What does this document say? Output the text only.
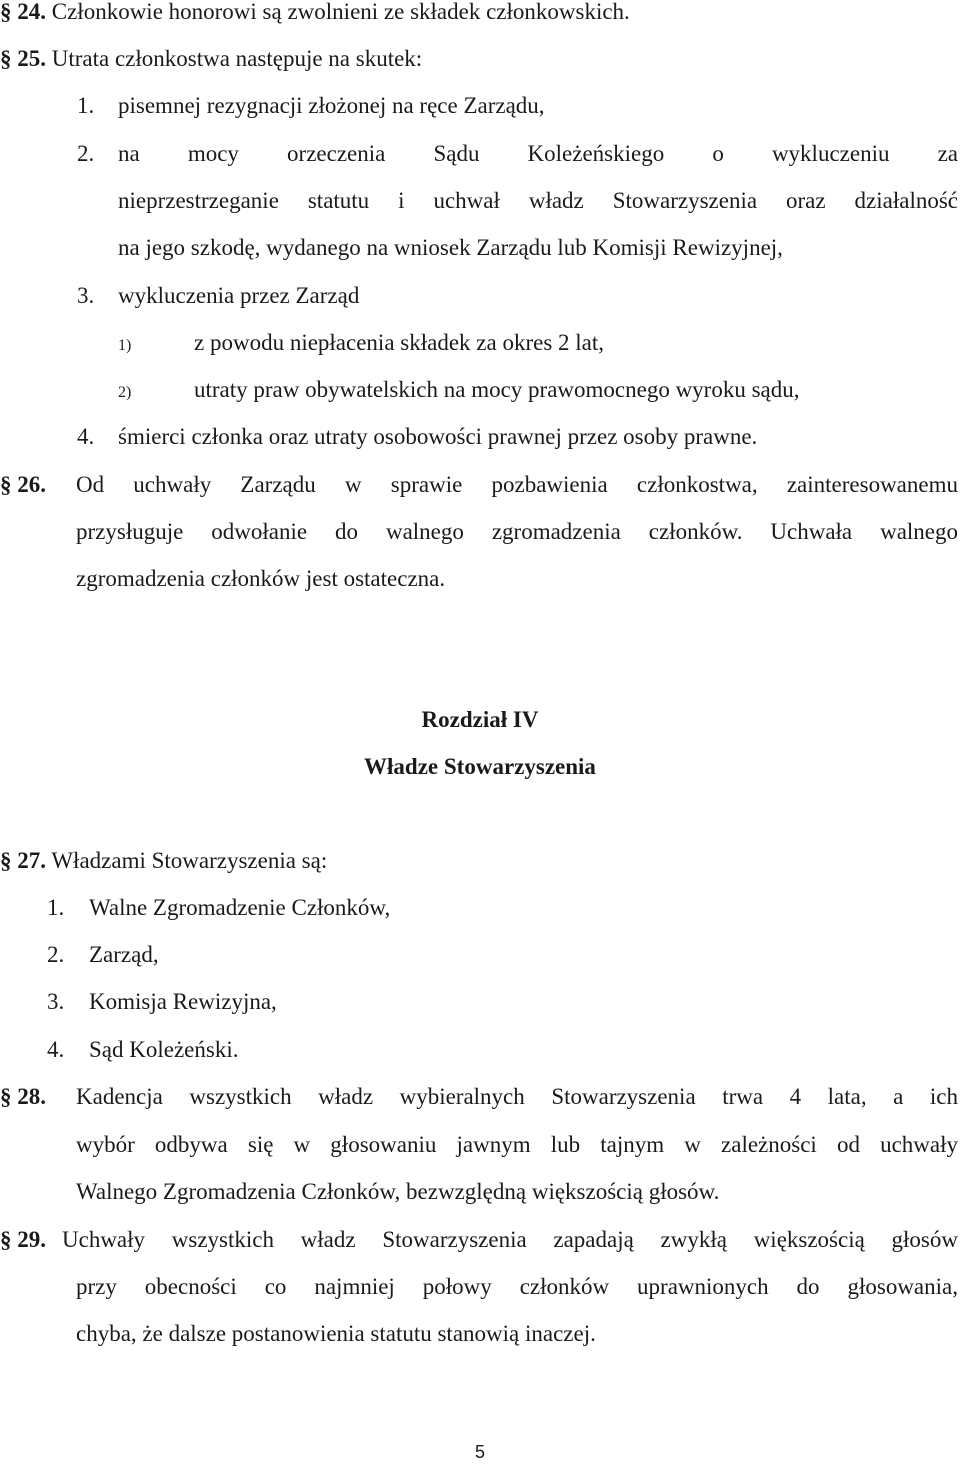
§ 24. Członkowie honorowi są zwolnieni ze składek członkowskich.
§ 25. Utrata członkostwa następuje na skutek:
1. pisemnej rezygnacji złożonej na ręce Zarządu,
2. na mocy orzeczenia Sądu Koleżeńskiego o wykluczeniu za
nieprzestrzeganie statutu i uchwał władz Stowarzyszenia oraz działalność
na jego szkodę, wydanego na wniosek Zarządu lub Komisji Rewizyjnej,
3. wykluczenia przez Zarząd
1)	z powodu niepłacenia składek za okres 2 lat,
2)	utraty praw obywatelskich na mocy prawomocnego wyroku sądu,
4. śmierci członka oraz utraty osobowości prawnej przez osoby prawne.
§ 26. Od uchwały Zarządu w sprawie pozbawienia członkostwa, zainteresowanemu
przysługuje odwołanie do walnego zgromadzenia członków. Uchwała walnego
zgromadzenia członków jest ostateczna.
Rozdział IV
Władze Stowarzyszenia
§ 27. Władzami Stowarzyszenia są:
1. Walne Zgromadzenie Członków,
2. Zarząd,
3. Komisja Rewizyjna,
4. Sąd Koleżeński.
§ 28. Kadencja wszystkich władz wybieralnych Stowarzyszenia trwa 4 lata, a ich
wybór odbywa się w głosowaniu jawnym lub tajnym w zależności od uchwały
Walnego Zgromadzenia Członków, bezwzględną większością głosów.
§ 29. Uchwały wszystkich władz Stowarzyszenia zapadają zwykłą większością głosów
przy obecności co najmniej połowy członków uprawnionych do głosowania,
chyba, że dalsze postanowienia statutu stanowią inaczej.
5
